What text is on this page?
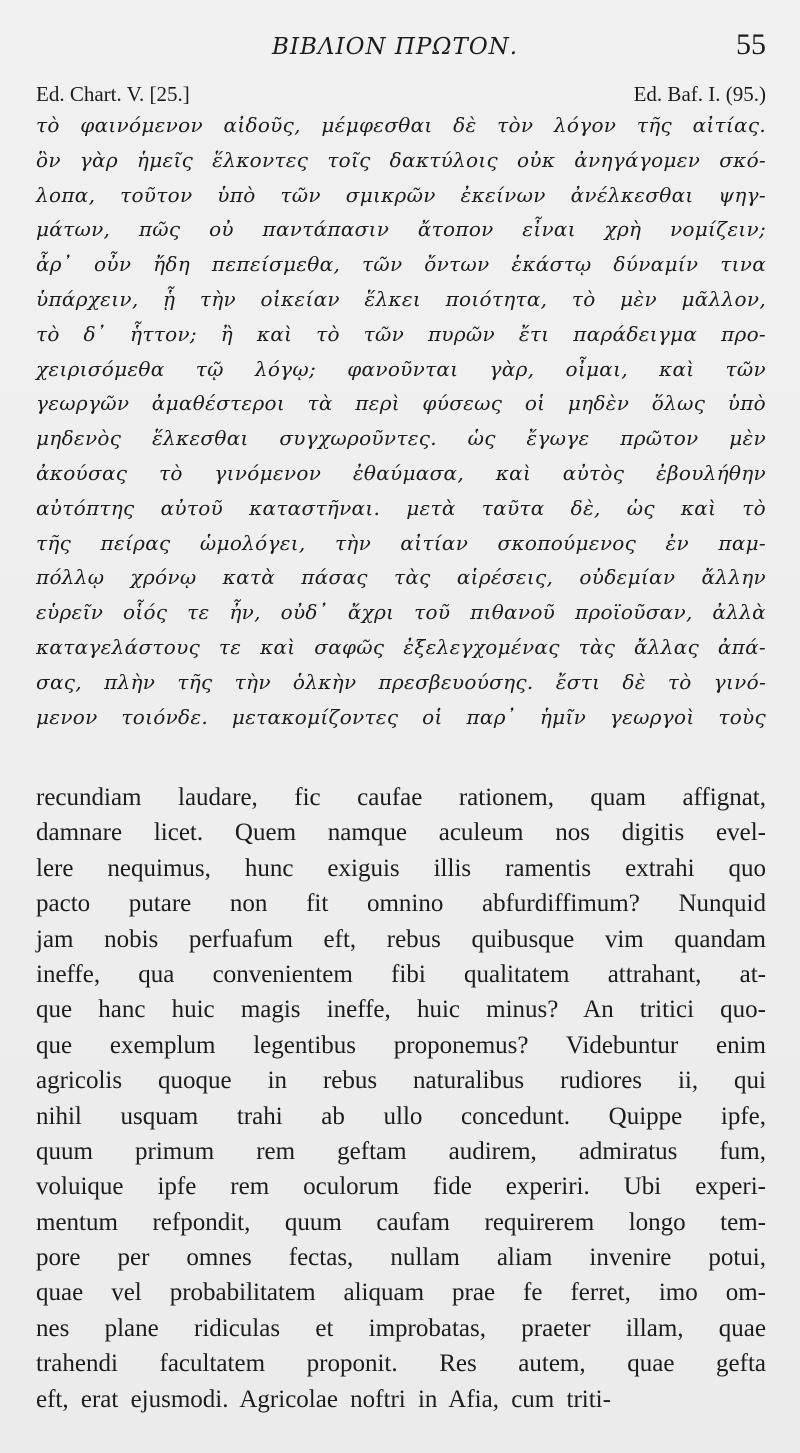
ΒΙΒΛΙΟΝ ΠΡΩΤΟΝ.	55
Ed. Chart. V. [25.]	Ed. Baf. I. (95.)
τὸ φαινόμενον αἰδοῦς, μέμφεσθαι δὲ τὸν λόγον τῆς αἰτίας.
ὃν γὰρ ἡμεῖς ἕλκοντες τοῖς δακτύλοις οὐκ ἀνηγάγομεν σκό-
λοπα, τοῦτον ὑπὸ τῶν σμικρῶν ἐκείνων ἀνέλκεσθαι ψηγ-
μάτων, πῶς οὐ παντάπασιν ἄτοπον εἶναι χρὴ νομίζειν;
ἆρ᾽ οὖν ἤδη πεπείσμεθα, τῶν ὄντων ἑκάστῳ δύναμίν τινα
ὑπάρχειν, ᾗ τὴν οἰκείαν ἕλκει ποιότητα, τὸ μὲν μᾶλλον,
τὸ δ᾽ ἧττον; ἢ καὶ τὸ τῶν πυρῶν ἔτι παράδειγμα προ-
χειρισόμεθα τῷ λόγῳ; φανοῦνται γὰρ, οἶμαι, καὶ τῶν
γεωργῶν ἀμαθέστεροι τὰ περὶ φύσεως οἱ μηδὲν ὅλως ὑπὸ
μηδενὸς ἕλκεσθαι συγχωροῦντες. ὡς ἔγωγε πρῶτον μὲν
ἀκούσας τὸ γινόμενον ἐθαύμασα, καὶ αὐτὸς ἐβουλήθην
αὐτόπτης αὐτοῦ καταστῆναι. μετὰ ταῦτα δὲ, ὡς καὶ τὸ
τῆς πείρας ὡμολόγει, τὴν αἰτίαν σκοπούμενος ἐν παμ-
πόλλῳ χρόνῳ κατὰ πάσας τὰς αἱρέσεις, οὐδεμίαν ἄλλην
εὑρεῖν οἷός τε ἦν, οὐδ᾽ ἄχρι τοῦ πιθανοῦ προϊοῦσαν, ἀλλὰ
καταγελάστους τε καὶ σαφῶς ἐξελεγχομένας τὰς ἄλλας ἀπά-
σας, πλὴν τῆς τὴν ὁλκὴν πρεσβευούσης. ἔστι δὲ τὸ γινό-
μενον τοιόνδε. μετακομίζοντες οἱ παρ᾽ ἡμῖν γεωργοὶ τοὺς
recundiam laudare, fic caufae rationem, quam affignat,
damnare licet. Quem namque aculeum nos digitis evel-
lere nequimus, hunc exiguis illis ramentis extrahi quo
pacto putare non fit omnino abfurdiffimum? Nunquid
jam nobis perfuafum eft, rebus quibusque vim quandam
ineffe, qua convenientem fibi qualitatem attrahant, at-
que hanc huic magis ineffe, huic minus? An tritici quo-
que exemplum legentibus proponemus? Videbuntur enim
agricolis quoque in rebus naturalibus rudiores ii, qui
nihil usquam trahi ab ullo concedunt. Quippe ipfe,
quum primum rem geftam audirem, admiratus fum,
voluique ipfe rem oculorum fide experiri. Ubi experi-
mentum refpondit, quum caufam requirerem longo tem-
pore per omnes fectas, nullam aliam invenire potui,
quae vel probabilitatem aliquam prae fe ferret, imo om-
nes plane ridiculas et improbatas, praeter illam, quae
trahendi facultatem proponit. Res autem, quae gefta
eft, erat ejusmodi. Agricolae noftri in Afia, cum triti-
